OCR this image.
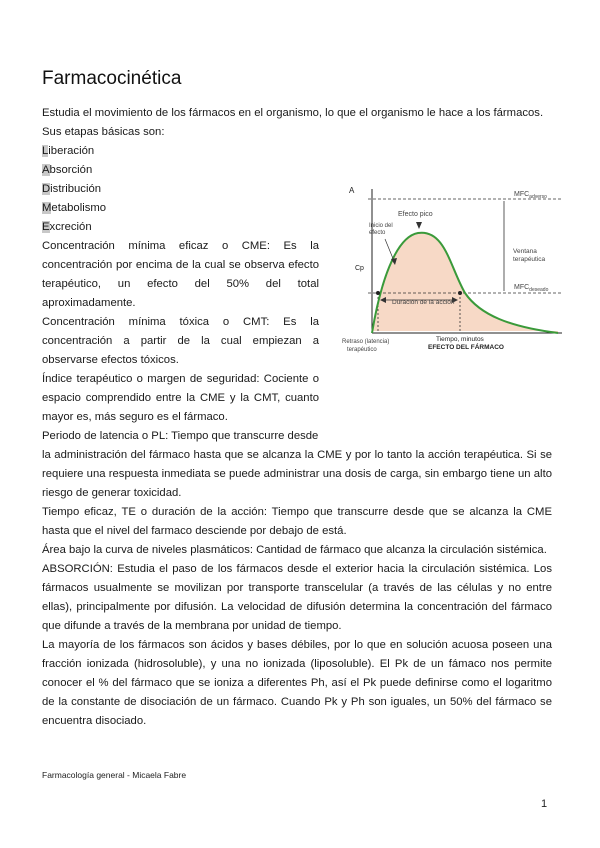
Farmacocinética

Estudia el movimiento de los fármacos en el organismo, lo que el organismo le hace a los fármacos.

Sus etapas básicas son:

Liberación

Absorción

Distribución

Metabolismo

Excreción

Concentración mínima eficaz o CME: Es la concentración por encima de la cual se observa efecto terapéutico, un efecto del 50% del total aproximadamente.

Concentración mínima tóxica o CMT: Es la concentración a partir de la cual empiezan a observarse efectos tóxicos.

Índice terapéutico o margen de seguridad: Cociente o espacio comprendido entre la CME y la CMT, cuanto mayor es, más seguro es el fármaco.

Periodo de latencia o PL: Tiempo que transcurre desde

la administración del fármaco hasta que se alcanza la CME y por lo tanto la acción terapéutica. Si se requiere una respuesta inmediata se puede administrar una dosis de carga, sin embargo tiene un alto riesgo de generar toxicidad.

Tiempo eficaz, TE o duración de la acción: Tiempo que transcurre desde que se alcanza la CME hasta que el nivel del farmaco desciende por debajo de está.

Área bajo la curva de niveles plasmáticos: Cantidad de fármaco que alcanza la circulación sistémica.

ABSORCIÓN: Estudia el paso de los fármacos desde el exterior hacia la circulación sistémica. Los fármacos usualmente se movilizan por transporte transcelular (a través de las células y no entre ellas), principalmente por difusión. La velocidad de difusión determina la concentración del fármaco que difunde a través de la membrana por unidad de tiempo.

La mayoría de los fármacos son ácidos y bases débiles, por lo que en solución acuosa poseen una fracción ionizada (hidrosoluble), y una no ionizada (liposoluble). El Pk de un fámaco nos permite conocer el % del fármaco que se ioniza a diferentes Ph, así el Pk puede definirse como el logaritmo de la constante de disociación de un fármaco. Cuando Pk y Ph son iguales, un 50% del fármaco se encuentra disociado.

A
Cp
$MFC_{adverso}$
Efecto pico
Inicio del
efecto
Ventana
terapéutica
$MFC_{deseado}$
Duración de la acción
Retraso (latencia)
terapéutico
Tiempo, minutos
EFECTO DEL FÁRMACO
Farmacología general - Micaela Fabre
1
